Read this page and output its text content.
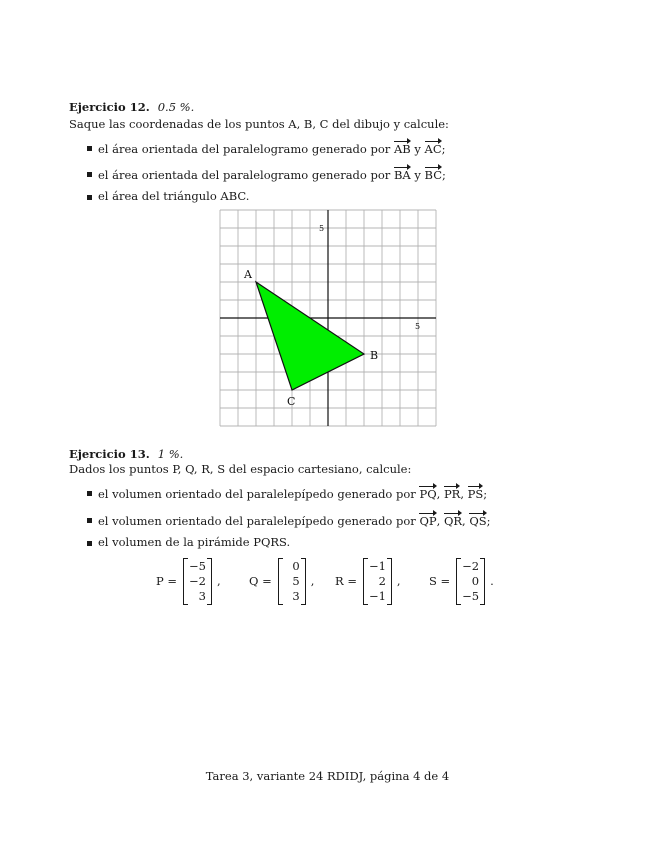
Ejercicio 12. 0.5 %.
Saque las coordenadas de los puntos A, B, C del dibujo y calcule:
el área orientada del paralelogramo generado por AB y AC;
el área orientada del paralelogramo generado por BA y BC;
el área del triángulo ABC.
5
5
A
B
C
Ejercicio 13. 1 %.
Dados los puntos P, Q, R, S del espacio cartesiano, calcule:
el volumen orientado del paralelepípedo generado por PQ, PR, PS;
el volumen orientado del paralelepípedo generado por QP, QR, QS;
el volumen de la pirámide PQRS.
P =
−5
−2
3
, Q =
0
5
3
, R =
−1
2
−1
, S =
−2
0
−5
.
Tarea 3, variante 24 RDIDJ, página 4 de 4
